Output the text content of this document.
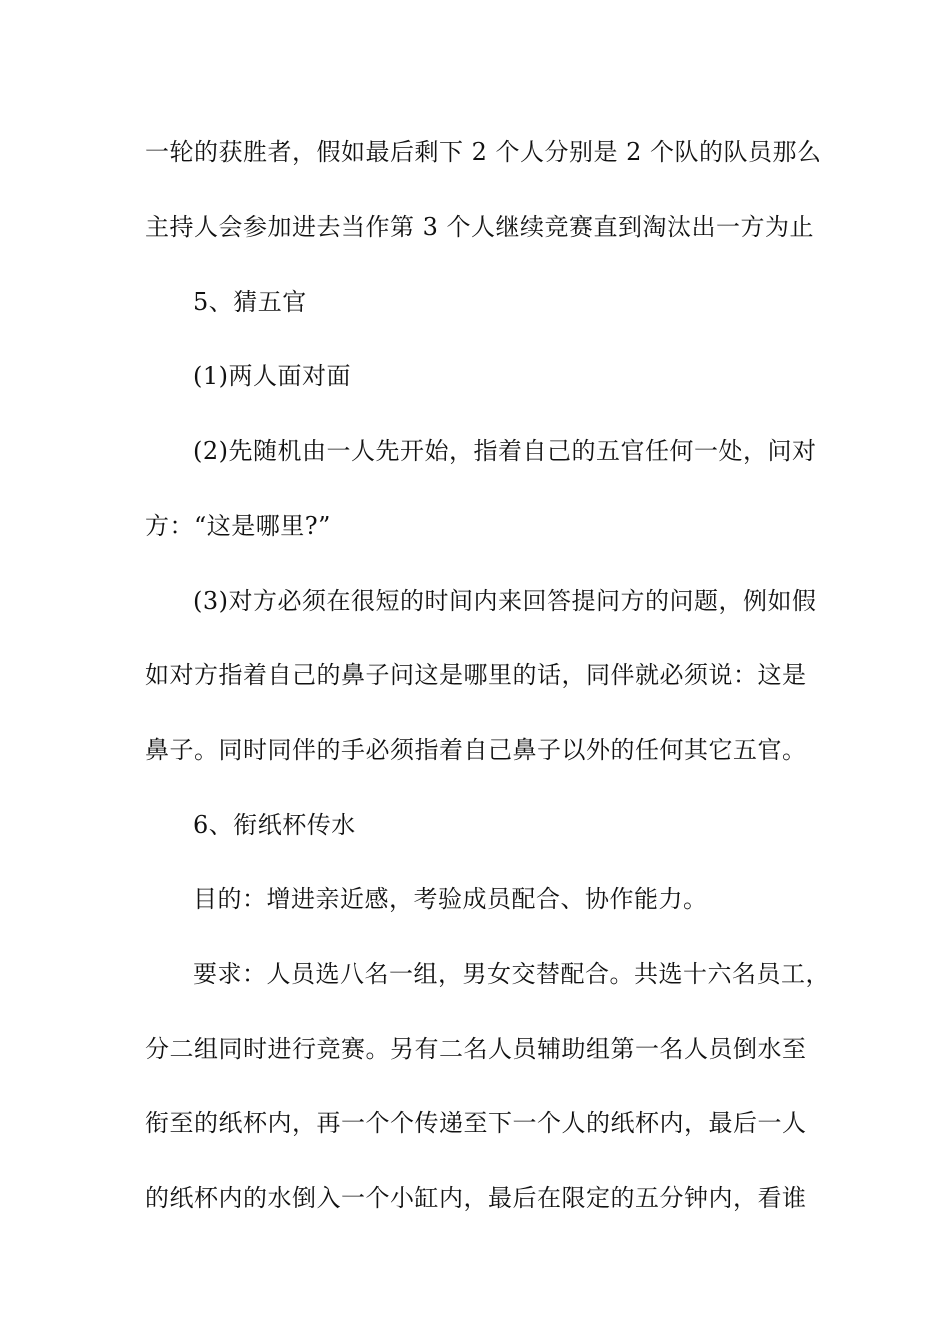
一轮的获胜者，假如最后剩下 2 个人分别是 2 个队的队员那么
主持人会参加进去当作第 3 个人继续竞赛直到淘汰出一方为止
5、猜五官
(1)两人面对面
(2)先随机由一人先开始，指着自己的五官任何一处，问对
方：“这是哪里?”
(3)对方必须在很短的时间内来回答提问方的问题，例如假
如对方指着自己的鼻子问这是哪里的话，同伴就必须说：这是
鼻子。同时同伴的手必须指着自己鼻子以外的任何其它五官。
6、衔纸杯传水
目的：增进亲近感，考验成员配合、协作能力。
要求：人员选八名一组，男女交替配合。共选十六名员工，
分二组同时进行竞赛。另有二名人员辅助组第一名人员倒水至
衔至的纸杯内，再一个个传递至下一个人的纸杯内，最后一人
的纸杯内的水倒入一个小缸内，最后在限定的五分钟内，看谁
